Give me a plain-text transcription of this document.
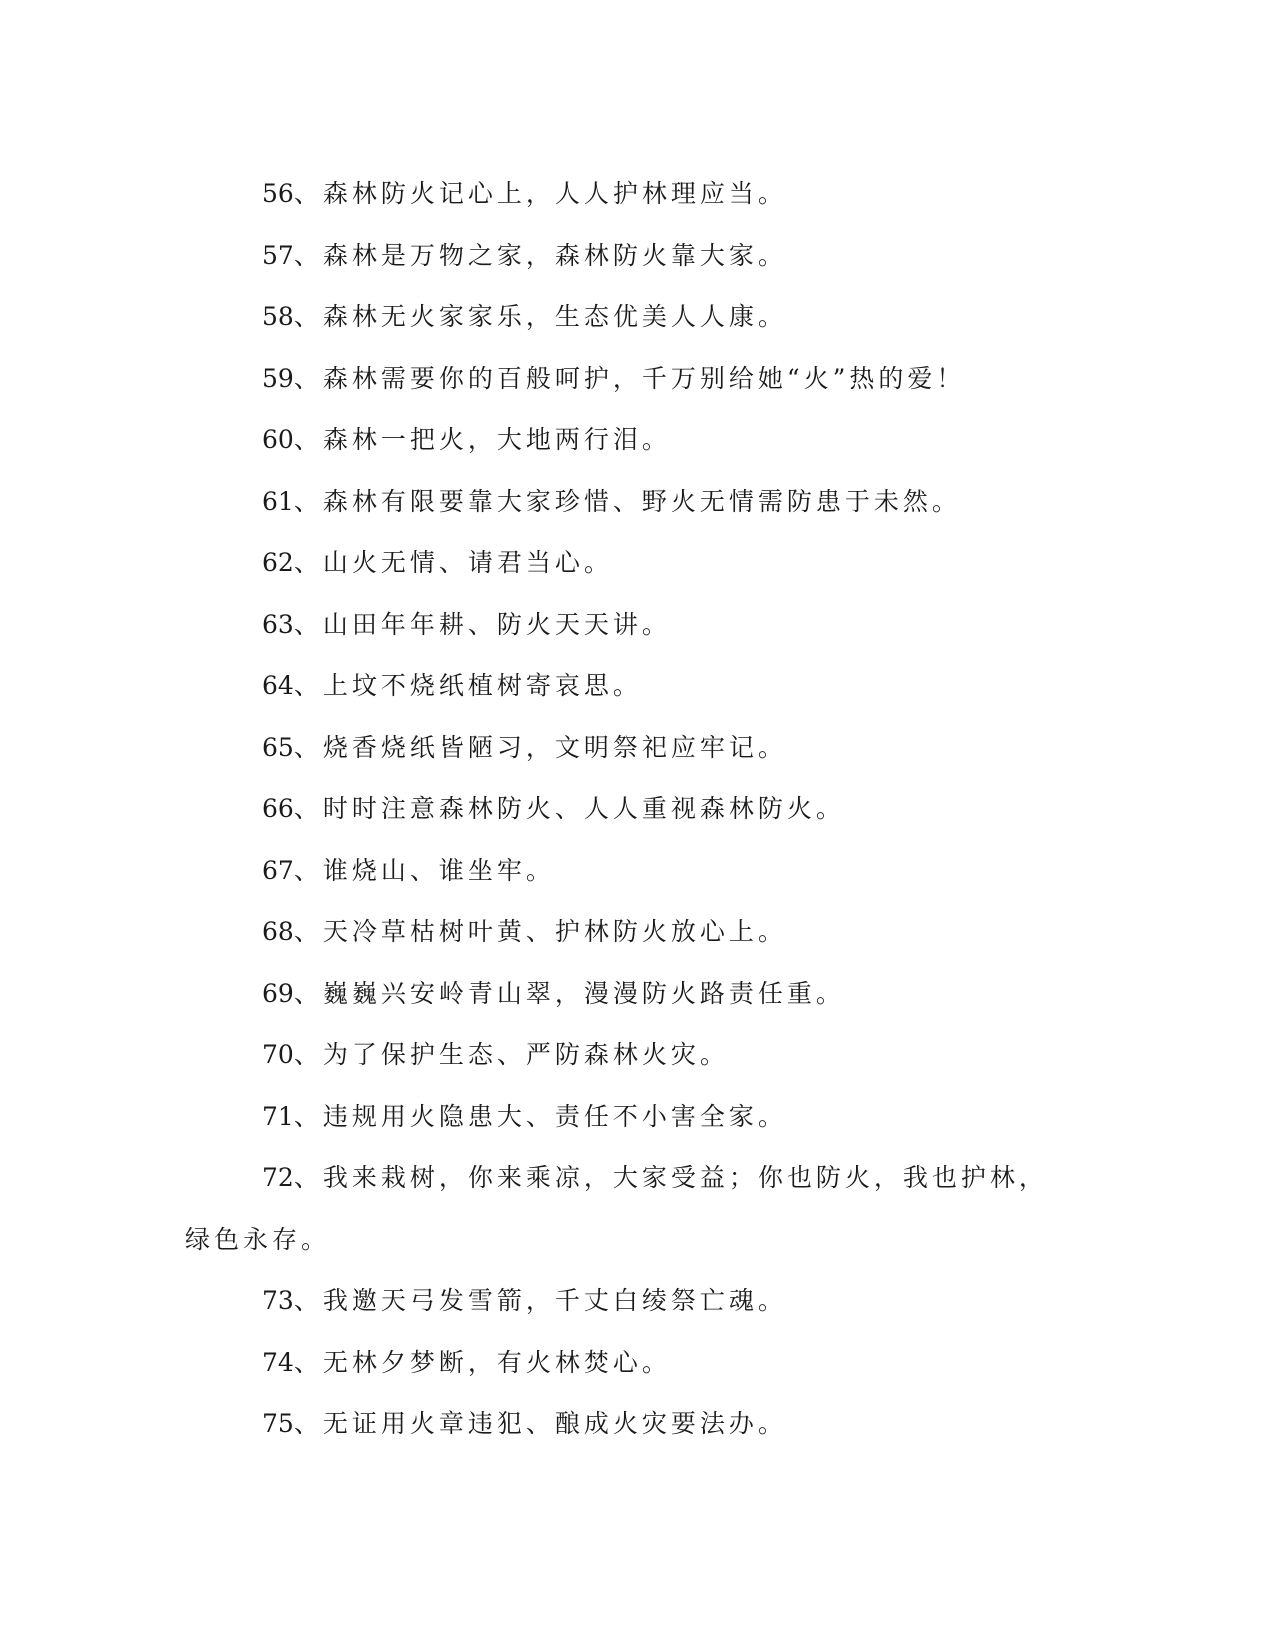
56、森林防火记心上，人人护林理应当。
57、森林是万物之家，森林防火靠大家。
58、森林无火家家乐，生态优美人人康。
59、森林需要你的百般呵护，千万别给她“火”热的爱！
60、森林一把火，大地两行泪。
61、森林有限要靠大家珍惜、野火无情需防患于未然。
62、山火无情、请君当心。
63、山田年年耕、防火天天讲。
64、上坟不烧纸植树寄哀思。
65、烧香烧纸皆陋习，文明祭祀应牢记。
66、时时注意森林防火、人人重视森林防火。
67、谁烧山、谁坐牢。
68、天冷草枯树叶黄、护林防火放心上。
69、巍巍兴安岭青山翠，漫漫防火路责任重。
70、为了保护生态、严防森林火灾。
71、违规用火隐患大、责任不小害全家。
72、我来栽树，你来乘凉，大家受益；你也防火，我也护林，绿色永存。
73、我邀天弓发雪箭，千丈白绫祭亡魂。
74、无林夕梦断，有火林焚心。
75、无证用火章违犯、酿成火灾要法办。
